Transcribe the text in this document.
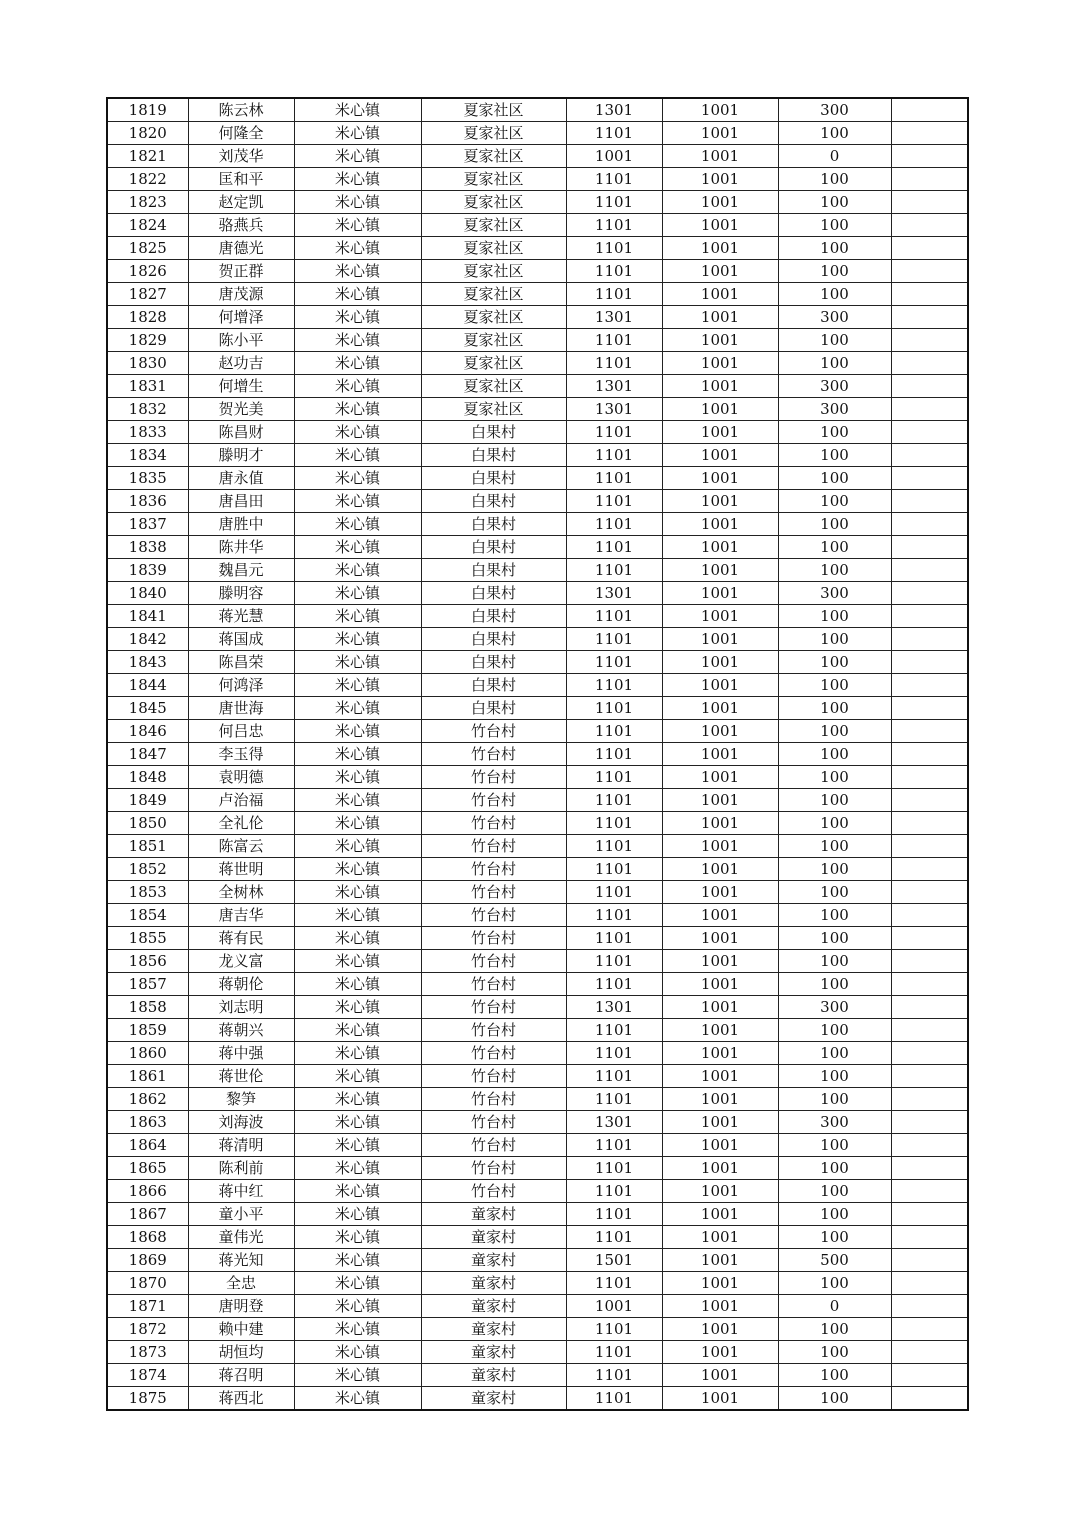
1819	陈云林	米心镇	夏家社区	1301	1001	300	
1820	何隆全	米心镇	夏家社区	1101	1001	100	
1821	刘茂华	米心镇	夏家社区	1001	1001	0	
1822	匡和平	米心镇	夏家社区	1101	1001	100	
1823	赵定凯	米心镇	夏家社区	1101	1001	100	
1824	骆燕兵	米心镇	夏家社区	1101	1001	100	
1825	唐德光	米心镇	夏家社区	1101	1001	100	
1826	贺正群	米心镇	夏家社区	1101	1001	100	
1827	唐茂源	米心镇	夏家社区	1101	1001	100	
1828	何增泽	米心镇	夏家社区	1301	1001	300	
1829	陈小平	米心镇	夏家社区	1101	1001	100	
1830	赵功吉	米心镇	夏家社区	1101	1001	100	
1831	何增生	米心镇	夏家社区	1301	1001	300	
1832	贺光美	米心镇	夏家社区	1301	1001	300	
1833	陈昌财	米心镇	白果村	1101	1001	100	
1834	滕明才	米心镇	白果村	1101	1001	100	
1835	唐永值	米心镇	白果村	1101	1001	100	
1836	唐昌田	米心镇	白果村	1101	1001	100	
1837	唐胜中	米心镇	白果村	1101	1001	100	
1838	陈井华	米心镇	白果村	1101	1001	100	
1839	魏昌元	米心镇	白果村	1101	1001	100	
1840	滕明容	米心镇	白果村	1301	1001	300	
1841	蒋光慧	米心镇	白果村	1101	1001	100	
1842	蒋国成	米心镇	白果村	1101	1001	100	
1843	陈昌荣	米心镇	白果村	1101	1001	100	
1844	何鸿泽	米心镇	白果村	1101	1001	100	
1845	唐世海	米心镇	白果村	1101	1001	100	
1846	何吕忠	米心镇	竹台村	1101	1001	100	
1847	李玉得	米心镇	竹台村	1101	1001	100	
1848	袁明德	米心镇	竹台村	1101	1001	100	
1849	卢治福	米心镇	竹台村	1101	1001	100	
1850	全礼伦	米心镇	竹台村	1101	1001	100	
1851	陈富云	米心镇	竹台村	1101	1001	100	
1852	蒋世明	米心镇	竹台村	1101	1001	100	
1853	全树林	米心镇	竹台村	1101	1001	100	
1854	唐吉华	米心镇	竹台村	1101	1001	100	
1855	蒋有民	米心镇	竹台村	1101	1001	100	
1856	龙义富	米心镇	竹台村	1101	1001	100	
1857	蒋朝伦	米心镇	竹台村	1101	1001	100	
1858	刘志明	米心镇	竹台村	1301	1001	300	
1859	蒋朝兴	米心镇	竹台村	1101	1001	100	
1860	蒋中强	米心镇	竹台村	1101	1001	100	
1861	蒋世伦	米心镇	竹台村	1101	1001	100	
1862	黎笋	米心镇	竹台村	1101	1001	100	
1863	刘海波	米心镇	竹台村	1301	1001	300	
1864	蒋清明	米心镇	竹台村	1101	1001	100	
1865	陈利前	米心镇	竹台村	1101	1001	100	
1866	蒋中红	米心镇	竹台村	1101	1001	100	
1867	童小平	米心镇	童家村	1101	1001	100	
1868	童伟光	米心镇	童家村	1101	1001	100	
1869	蒋光知	米心镇	童家村	1501	1001	500	
1870	全忠	米心镇	童家村	1101	1001	100	
1871	唐明登	米心镇	童家村	1001	1001	0	
1872	赖中建	米心镇	童家村	1101	1001	100	
1873	胡恒均	米心镇	童家村	1101	1001	100	
1874	蒋召明	米心镇	童家村	1101	1001	100	
1875	蒋西北	米心镇	童家村	1101	1001	100	
